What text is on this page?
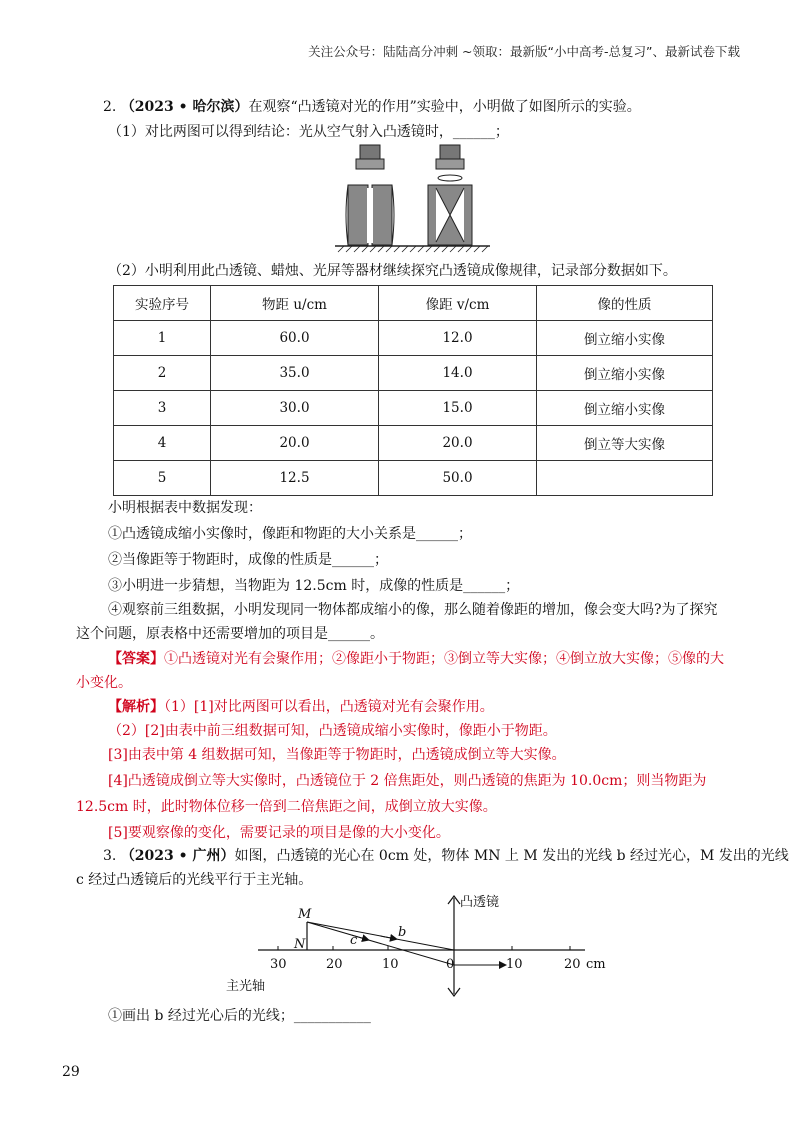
关注公众号：陆陆高分冲刺 ~领取：最新版“小中高考-总复习”、最新试卷下载
2. （2023 • 哈尔滨）在观察“凸透镜对光的作用”实验中，小明做了如图所示的实验。
（1）对比两图可以得到结论：光从空气射入凸透镜时，______；
（2）小明利用此凸透镜、蜡烛、光屏等器材继续探究凸透镜成像规律，记录部分数据如下。
实验序号	物距 u/cm	像距 v/cm	像的性质
1	60.0	12.0	倒立缩小实像
2	35.0	14.0	倒立缩小实像
3	30.0	15.0	倒立缩小实像
4	20.0	20.0	倒立等大实像
5	12.5	50.0	
小明根据表中数据发现：
①凸透镜成缩小实像时，像距和物距的大小关系是______；
②当像距等于物距时，成像的性质是______；
③小明进一步猜想，当物距为 12.5cm 时，成像的性质是______；
④观察前三组数据，小明发现同一物体都成缩小的像，那么随着像距的增加，像会变大吗?为了探究
这个问题，原表格中还需要增加的项目是______。
【答案】①凸透镜对光有会聚作用；②像距小于物距；③倒立等大实像；④倒立放大实像；⑤像的大
小变化。
【解析】（1）[1]对比两图可以看出，凸透镜对光有会聚作用。
（2）[2]由表中前三组数据可知，凸透镜成缩小实像时，像距小于物距。
[3]由表中第 4 组数据可知，当像距等于物距时，凸透镜成倒立等大实像。
[4]凸透镜成倒立等大实像时，凸透镜位于 2 倍焦距处，则凸透镜的焦距为 10.0cm；则当物距为
12.5cm 时，此时物体位移一倍到二倍焦距之间，成倒立放大实像。
[5]要观察像的变化，需要记录的项目是像的大小变化。
3. （2023 • 广州）如图，凸透镜的光心在 0cm 处，物体 MN 上 M 发出的光线 b 经过光心，M 发出的光线
c 经过凸透镜后的光线平行于主光轴。
30	20	10	0	10	20 cm
主光轴
凸透镜
M
N
b
c
①画出 b 经过光心后的光线；___________
29
